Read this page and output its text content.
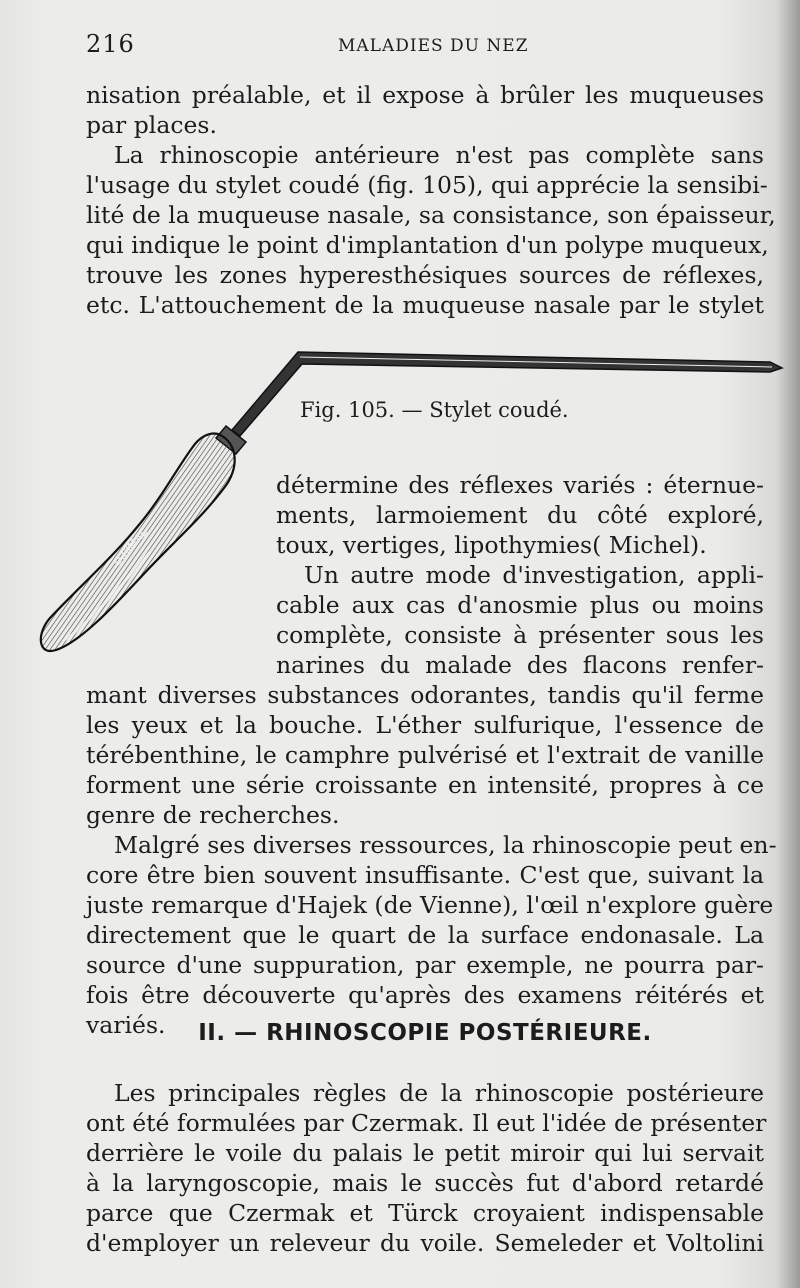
216	MALADIES DU NEZ
nisation préalable, et il expose à brûler les muqueuses
par places.
La rhinoscopie antérieure n'est pas complète sans
l'usage du stylet coudé (fig. 105), qui apprécie la sensibi-
lité de la muqueuse nasale, sa consistance, son épaisseur,
qui indique le point d'implantation d'un polype muqueux,
trouve les zones hyperesthésiques sources de réflexes,
etc. L'attouchement de la muqueuse nasale par le stylet
D.SIMAL
Fig. 105. — Stylet coudé.
détermine des réflexes variés : éternue-
ments, larmoiement du côté exploré,
toux, vertiges, lipothymies( Michel).
Un autre mode d'investigation, appli-
cable aux cas d'anosmie plus ou moins
complète, consiste à présenter sous les
narines du malade des flacons renfer-
mant diverses substances odorantes, tandis qu'il ferme
les yeux et la bouche. L'éther sulfurique, l'essence de
térébenthine, le camphre pulvérisé et l'extrait de vanille
forment une série croissante en intensité, propres à ce
genre de recherches.
Malgré ses diverses ressources, la rhinoscopie peut en-
core être bien souvent insuffisante. C'est que, suivant la
juste remarque d'Hajek (de Vienne), l'œil n'explore guère
directement que le quart de la surface endonasale. La
source d'une suppuration, par exemple, ne pourra par-
fois être découverte qu'après des examens réitérés et
variés.	II. — RHINOSCOPIE POSTÉRIEURE.
Les principales règles de la rhinoscopie postérieure
ont été formulées par Czermak. Il eut l'idée de présenter
derrière le voile du palais le petit miroir qui lui servait
à la laryngoscopie, mais le succès fut d'abord retardé
parce que Czermak et Türck croyaient indispensable
d'employer un releveur du voile. Semeleder et Voltolini
